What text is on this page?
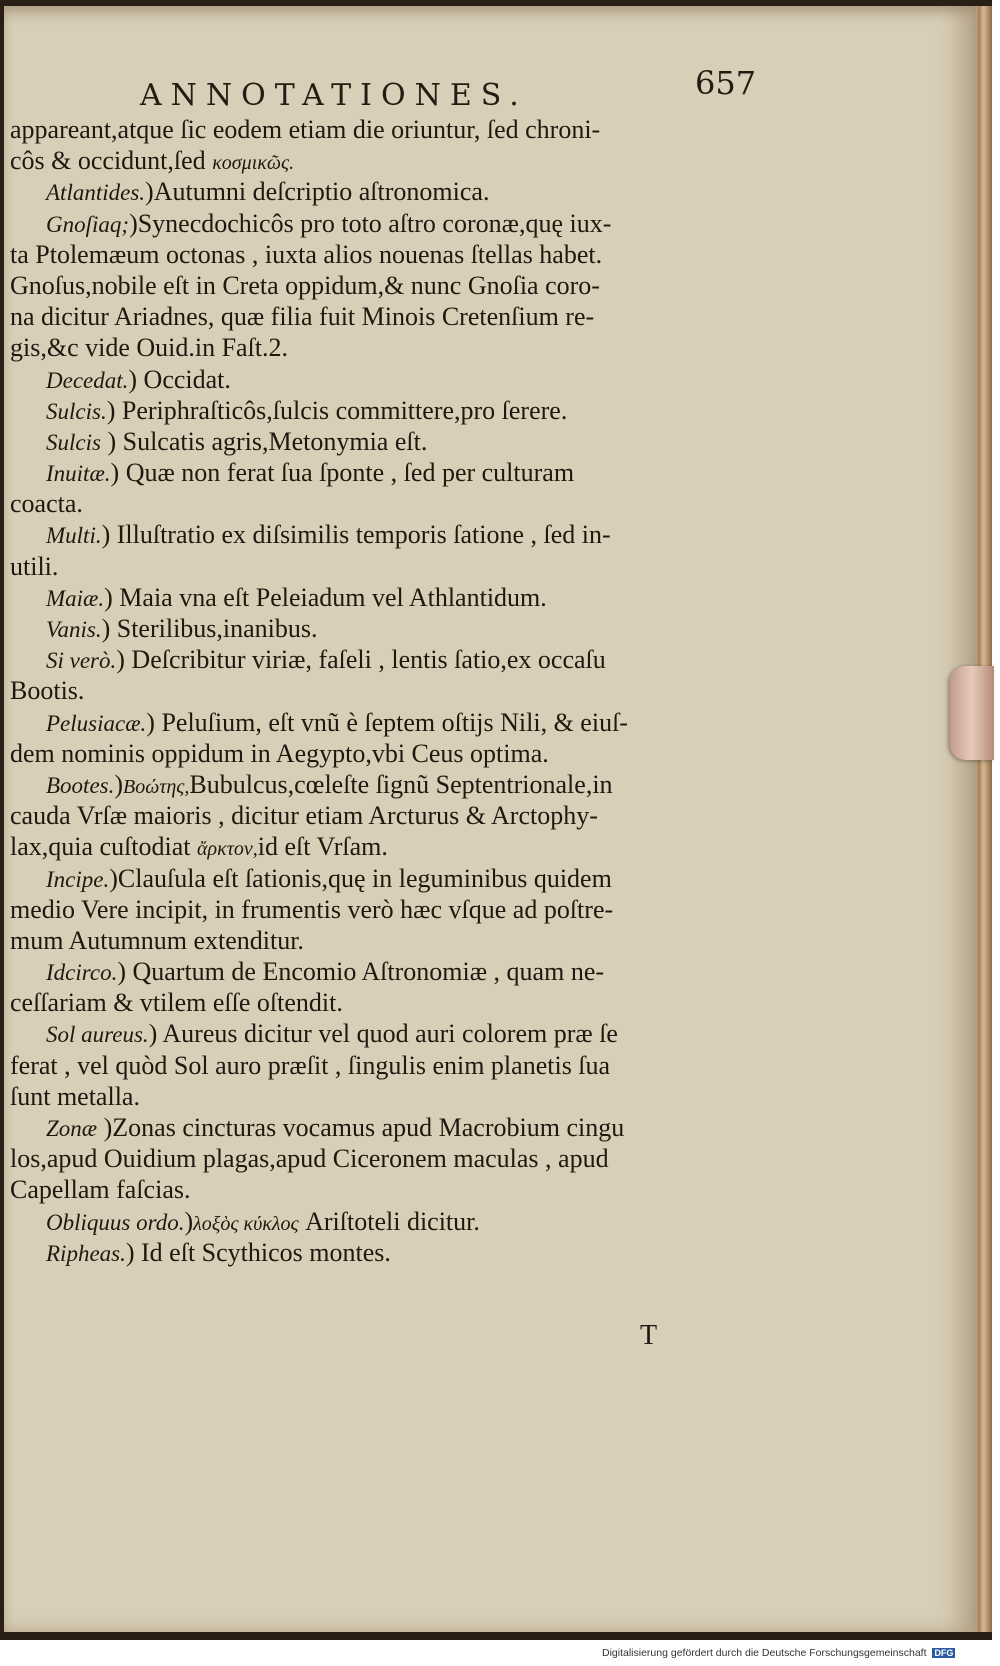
ANNOTATIONES.	657
appareant,atque ſic eodem etiam die oriuntur, ſed chroni-
côs & occidunt,ſed κοσμικῶς.
Atlantides.)Autumni deſcriptio aſtronomica.
Gnoſiaq;)Synecdochicôs pro toto aſtro coronæ,quę iux-
ta Ptolemæum octonas , iuxta alios nouenas ſtellas habet.
Gnoſus,nobile eſt in Creta oppidum,& nunc Gnoſia coro-
na dicitur Ariadnes, quæ filia fuit Minois Cretenſium re-
gis,&c vide Ouid.in Faſt.2.
Decedat.) Occidat.
Sulcis.) Periphraſticôs,ſulcis committere,pro ſerere.
Sulcis ) Sulcatis agris,Metonymia eſt.
Inuitæ.) Quæ non ferat ſua ſponte , ſed per culturam
coacta.
Multi.) Illuſtratio ex diſsimilis temporis ſatione , ſed in-
utili.
Maiæ.) Maia vna eſt Peleiadum vel Athlantidum.
Vanis.) Sterilibus,inanibus.
Si verò.) Deſcribitur viriæ, faſeli , lentis ſatio,ex occaſu
Bootis.
Pelusiacæ.) Peluſium, eſt vnũ è ſeptem oſtijs Nili, & eiuſ-
dem nominis oppidum in Aegypto,vbi Ceus optima.
Bootes.)Βοώτης,Bubulcus,cœleſte ſignũ Septentrionale,in
cauda Vrſæ maioris , dicitur etiam Arcturus & Arctophy-
lax,quia cuſtodiat ἄρκτον,id eſt Vrſam.
Incipe.)Clauſula eſt ſationis,quę in leguminibus quidem
medio Vere incipit, in frumentis verò hæc vſque ad poſtre-
mum Autumnum extenditur.
Idcirco.) Quartum de Encomio Aſtronomiæ , quam ne-
ceſſariam & vtilem eſſe oſtendit.
Sol aureus.) Aureus dicitur vel quod auri colorem præ ſe
ferat , vel quòd Sol auro præſit , ſingulis enim planetis ſua
ſunt metalla.
Zonæ )Zonas cincturas vocamus apud Macrobium cingu
los,apud Ouidium plagas,apud Ciceronem maculas , apud
Capellam faſcias.
Obliquus ordo.)λοξὸς κύκλος Ariſtoteli dicitur.
Ripheas.) Id eſt Scythicos montes.
T
Digitalisierung gefördert durch die Deutsche Forschungsgemeinschaft DFG
